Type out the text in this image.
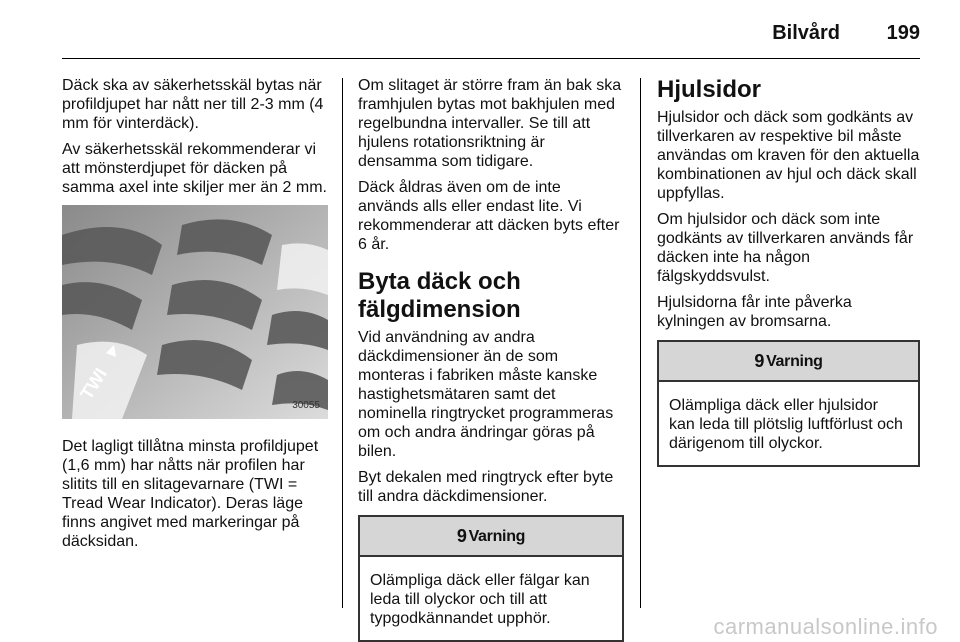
Bilvård 199

Däck ska av säkerhetsskäl bytas när profildjupet har nått ner till 2-3 mm (4 mm för vinterdäck).

Av säkerhetsskäl rekommenderar vi att mönsterdjupet för däcken på samma axel inte skiljer mer än 2 mm.

TWI
30055

Det lagligt tillåtna minsta profildjupet (1,6 mm) har nåtts när profilen har slitits till en slitagevarnare (TWI = Tread Wear Indicator). Deras läge finns angivet med markeringar på däcksidan.

Om slitaget är större fram än bak ska framhjulen bytas mot bakhjulen med regelbundna intervaller. Se till att hjulens rotationsriktning är densamma som tidigare.

Däck åldras även om de inte används alls eller endast lite. Vi rekommenderar att däcken byts efter 6 år.

Byta däck och fälgdimension

Vid användning av andra däckdimensioner än de som monteras i fabriken måste kanske hastighetsmätaren samt det nominella ringtrycket programmeras om och andra ändringar göras på bilen.

Byt dekalen med ringtryck efter byte till andra däckdimensioner.

9 Varning
Olämpliga däck eller fälgar kan leda till olyckor och till att typgodkännandet upphör.
Hjulsidor

Hjulsidor och däck som godkänts av tillverkaren av respektive bil måste användas om kraven för den aktuella kombinationen av hjul och däck skall uppfyllas.

Om hjulsidor och däck som inte godkänts av tillverkaren används får däcken inte ha någon fälgskyddsvulst.

Hjulsidorna får inte påverka kylningen av bromsarna.

9 Varning
Olämpliga däck eller hjulsidor kan leda till plötslig luftförlust och därigenom till olyckor.
carmanualsonline.info
